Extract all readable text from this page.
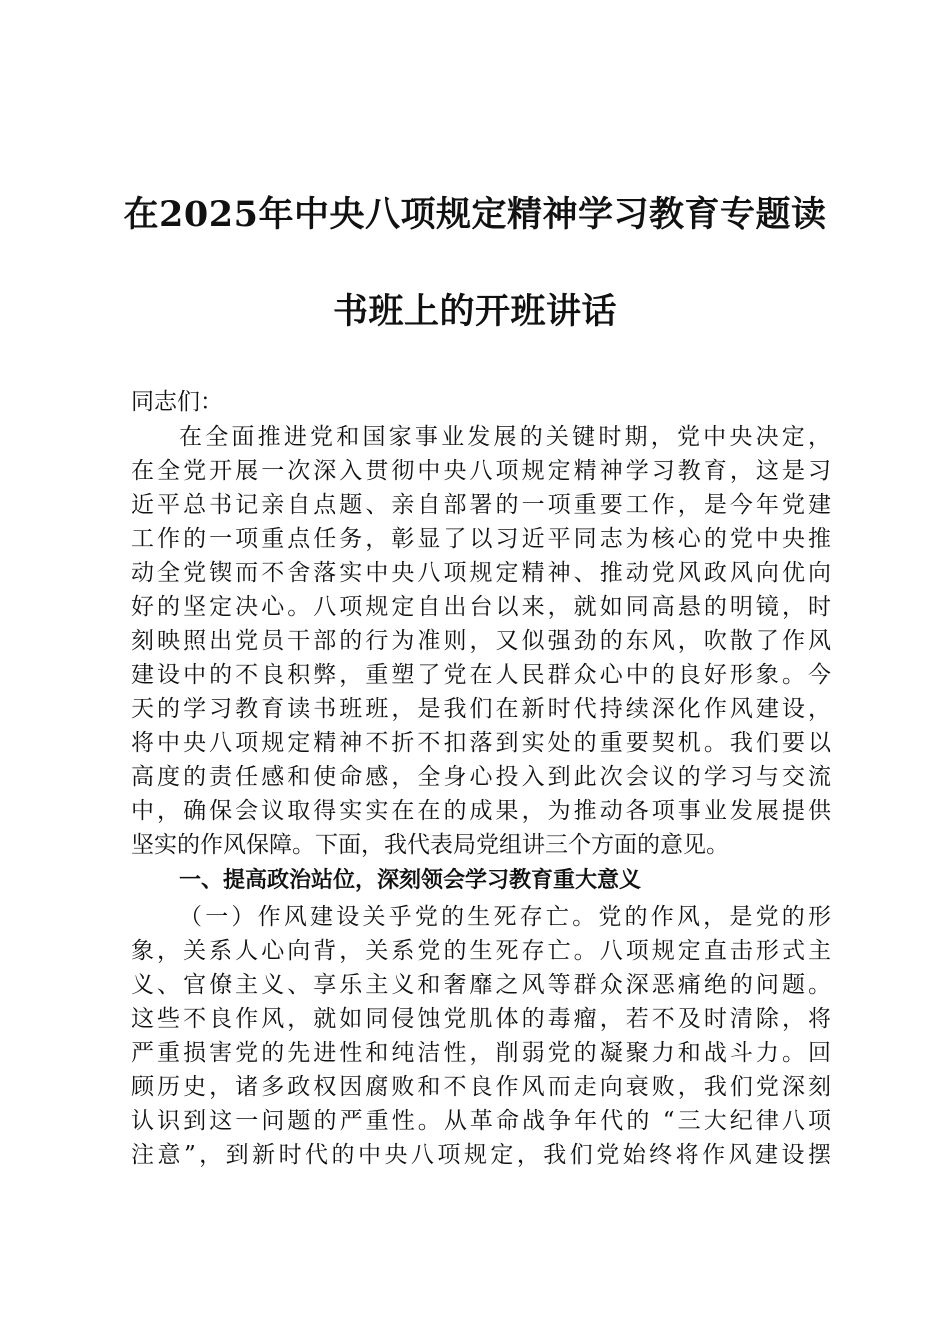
在2025年中央八项规定精神学习教育专题读
书班上的开班讲话
同志们：
在全面推进党和国家事业发展的关键时期，党中央决定，
在全党开展一次深入贯彻中央八项规定精神学习教育，这是习
近平总书记亲自点题、亲自部署的一项重要工作，是今年党建
工作的一项重点任务，彰显了以习近平同志为核心的党中央推
动全党锲而不舍落实中央八项规定精神、推动党风政风向优向
好的坚定决心。八项规定自出台以来，就如同高悬的明镜，时
刻映照出党员干部的行为准则，又似强劲的东风，吹散了作风
建设中的不良积弊，重塑了党在人民群众心中的良好形象。今
天的学习教育读书班班，是我们在新时代持续深化作风建设，
将中央八项规定精神不折不扣落到实处的重要契机。我们要以
高度的责任感和使命感，全身心投入到此次会议的学习与交流
中，确保会议取得实实在在的成果，为推动各项事业发展提供
坚实的作风保障。下面，我代表局党组讲三个方面的意见。
一、提高政治站位，深刻领会学习教育重大意义
（一）作风建设关乎党的生死存亡。党的作风，是党的形
象，关系人心向背，关系党的生死存亡。八项规定直击形式主
义、官僚主义、享乐主义和奢靡之风等群众深恶痛绝的问题。
这些不良作风，就如同侵蚀党肌体的毒瘤，若不及时清除，将
严重损害党的先进性和纯洁性，削弱党的凝聚力和战斗力。回
顾历史，诸多政权因腐败和不良作风而走向衰败，我们党深刻
认识到这一问题的严重性。从革命战争年代的 “三大纪律八项
注意”，到新时代的中央八项规定，我们党始终将作风建设摆
